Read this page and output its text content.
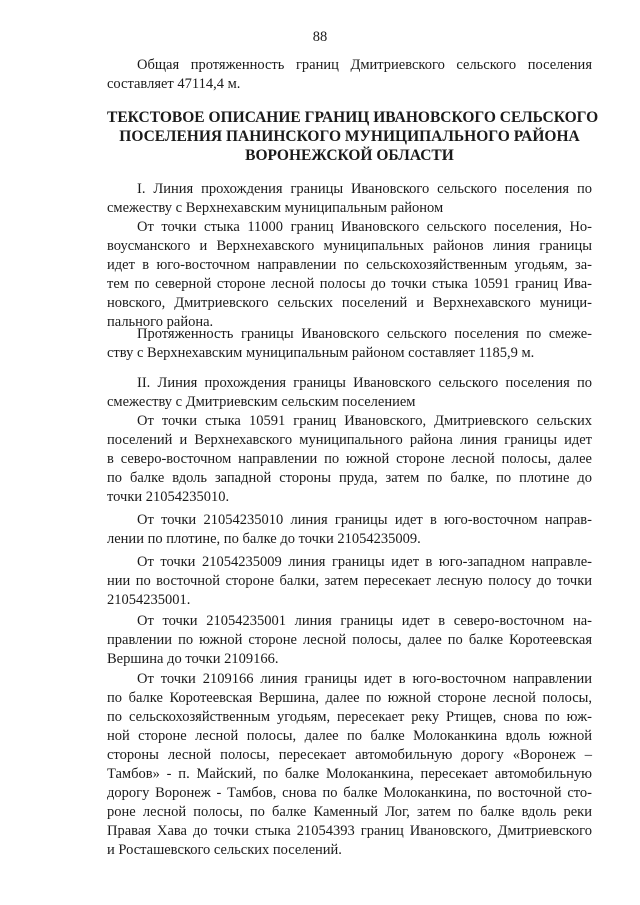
88
Общая протяженность границ Дмитриевского сельского поселения
составляет 47114,4 м.
ТЕКСТОВОЕ ОПИСАНИЕ ГРАНИЦ ИВАНОВСКОГО СЕЛЬСКОГО
ПОСЕЛЕНИЯ ПАНИНСКОГО МУНИЦИПАЛЬНОГО РАЙОНА
ВОРОНЕЖСКОЙ ОБЛАСТИ
I. Линия прохождения границы Ивановского сельского поселения по
смежеству с Верхнехавским муниципальным районом
От точки стыка 11000 границ Ивановского сельского поселения, Но-
воусманского и Верхнехавского муниципальных районов линия границы
идет в юго-восточном направлении по сельскохозяйственным угодьям, за-
тем по северной стороне лесной полосы до точки стыка 10591 границ Ива-
новского, Дмитриевского сельских поселений и Верхнехавского муници-
пального района.
Протяженность границы Ивановского сельского поселения по смеже-
ству с Верхнехавским муниципальным районом составляет 1185,9 м.
II. Линия прохождения границы Ивановского сельского поселения по
смежеству с Дмитриевским сельским поселением
От точки стыка 10591 границ Ивановского, Дмитриевского сельских
поселений и Верхнехавского муниципального района линия границы идет
в северо-восточном направлении по южной стороне лесной полосы, далее
по балке вдоль западной стороны пруда, затем по балке, по плотине до
точки 21054235010.
От точки 21054235010 линия границы идет в юго-восточном направ-
лении по плотине, по балке до точки 21054235009.
От точки 21054235009 линия границы идет в юго-западном направле-
нии по восточной стороне балки, затем пересекает лесную полосу до точки
21054235001.
От точки 21054235001 линия границы идет в северо-восточном на-
правлении по южной стороне лесной полосы, далее по балке Коротеевская
Вершина до точки 2109166.
От точки 2109166 линия границы идет в юго-восточном направлении
по балке Коротеевская Вершина, далее по южной стороне лесной полосы,
по сельскохозяйственным угодьям, пересекает реку Ртищев, снова по юж-
ной стороне лесной полосы, далее по балке Молоканкина вдоль южной
стороны лесной полосы, пересекает автомобильную дорогу «Воронеж –
Тамбов» - п. Майский, по балке Молоканкина, пересекает автомобильную
дорогу Воронеж - Тамбов, снова по балке Молоканкина, по восточной сто-
роне лесной полосы, по балке Каменный Лог, затем по балке вдоль реки
Правая Хава до точки стыка 21054393 границ Ивановского, Дмитриевского
и Росташевского сельских поселений.
